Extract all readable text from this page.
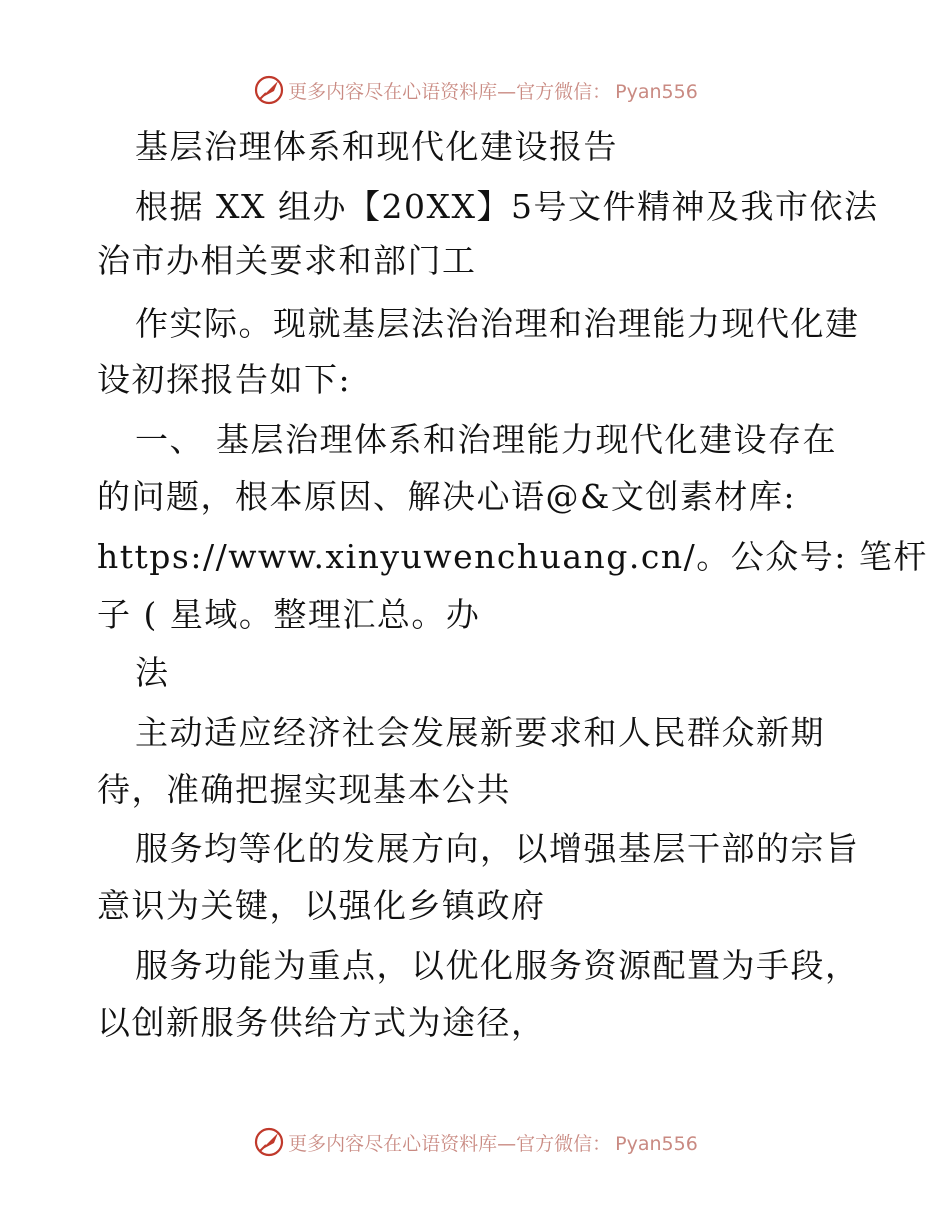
更多内容尽在心语资料库—官方微信： Pyan556
基层治理体系和现代化建设报告
根据 XX 组办【20XX】5号文件精神及我市依法
治市办相关要求和部门工
作实际。现就基层法治治理和治理能力现代化建
设初探报告如下:
一、 基层治理体系和治理能力现代化建设存在
的问题，根本原因、解决心语@&文创素材库:
https://www.xinyuwenchuang.cn/。公众号: 笔杆
子 ( 星域。整理汇总。办
法
主动适应经济社会发展新要求和人民群众新期
待，准确把握实现基本公共
服务均等化的发展方向，以增强基层干部的宗旨
意识为关键，以强化乡镇政府
服务功能为重点，以优化服务资源配置为手段，
以创新服务供给方式为途径，
更多内容尽在心语资料库—官方微信： Pyan556
